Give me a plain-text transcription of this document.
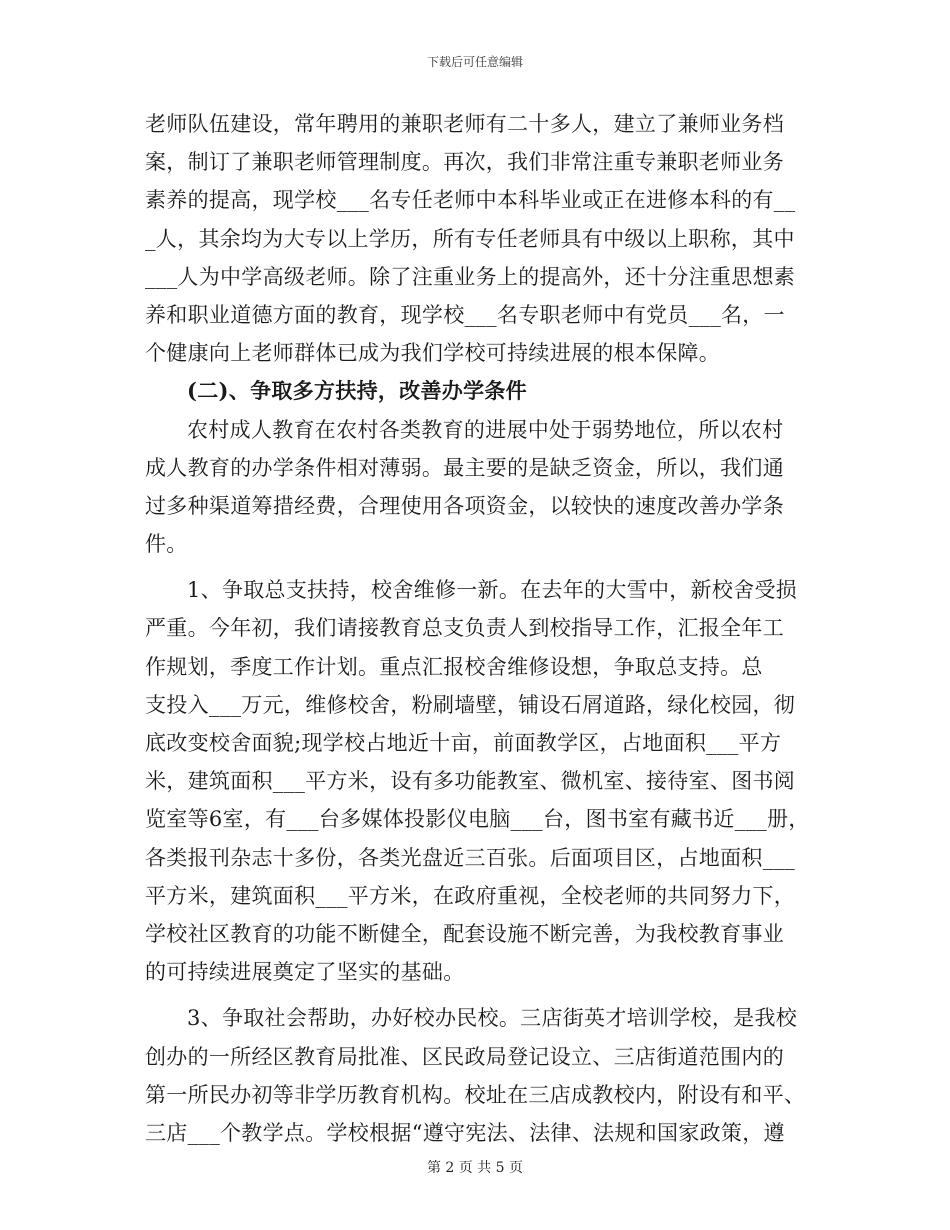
下载后可任意编辑
老师队伍建设，常年聘用的兼职老师有二十多人，建立了兼师业务档
案，制订了兼职老师管理制度。再次，我们非常注重专兼职老师业务
素养的提高，现学校___名专任老师中本科毕业或正在进修本科的有__
_人，其余均为大专以上学历，所有专任老师具有中级以上职称，其中
___人为中学高级老师。除了注重业务上的提高外，还十分注重思想素
养和职业道德方面的教育，现学校___名专职老师中有党员___名，一
个健康向上老师群体已成为我们学校可持续进展的根本保障。
(二)、争取多方扶持，改善办学条件
农村成人教育在农村各类教育的进展中处于弱势地位，所以农村
成人教育的办学条件相对薄弱。最主要的是缺乏资金，所以，我们通
过多种渠道筹措经费，合理使用各项资金，以较快的速度改善办学条
件。
1、争取总支扶持，校舍维修一新。在去年的大雪中，新校舍受损
严重。今年初，我们请接教育总支负责人到校指导工作，汇报全年工
作规划，季度工作计划。重点汇报校舍维修设想，争取总支持。总
支投入___万元，维修校舍，粉刷墙壁，铺设石屑道路，绿化校园，彻
底改变校舍面貌;现学校占地近十亩，前面教学区，占地面积___平方
米，建筑面积___平方米，设有多功能教室、微机室、接待室、图书阅
览室等6室，有___台多媒体投影仪电脑___台，图书室有藏书近___册，
各类报刊杂志十多份，各类光盘近三百张。后面项目区，占地面积___
平方米，建筑面积___平方米，在政府重视，全校老师的共同努力下，
学校社区教育的功能不断健全，配套设施不断完善，为我校教育事业
的可持续进展奠定了坚实的基础。
3、争取社会帮助，办好校办民校。三店街英才培训学校，是我校
创办的一所经区教育局批准、区民政局登记设立、三店街道范围内的
第一所民办初等非学历教育机构。校址在三店成教校内，附设有和平、
三店___个教学点。学校根据“遵守宪法、法律、法规和国家政策，遵
第 2 页 共 5 页
